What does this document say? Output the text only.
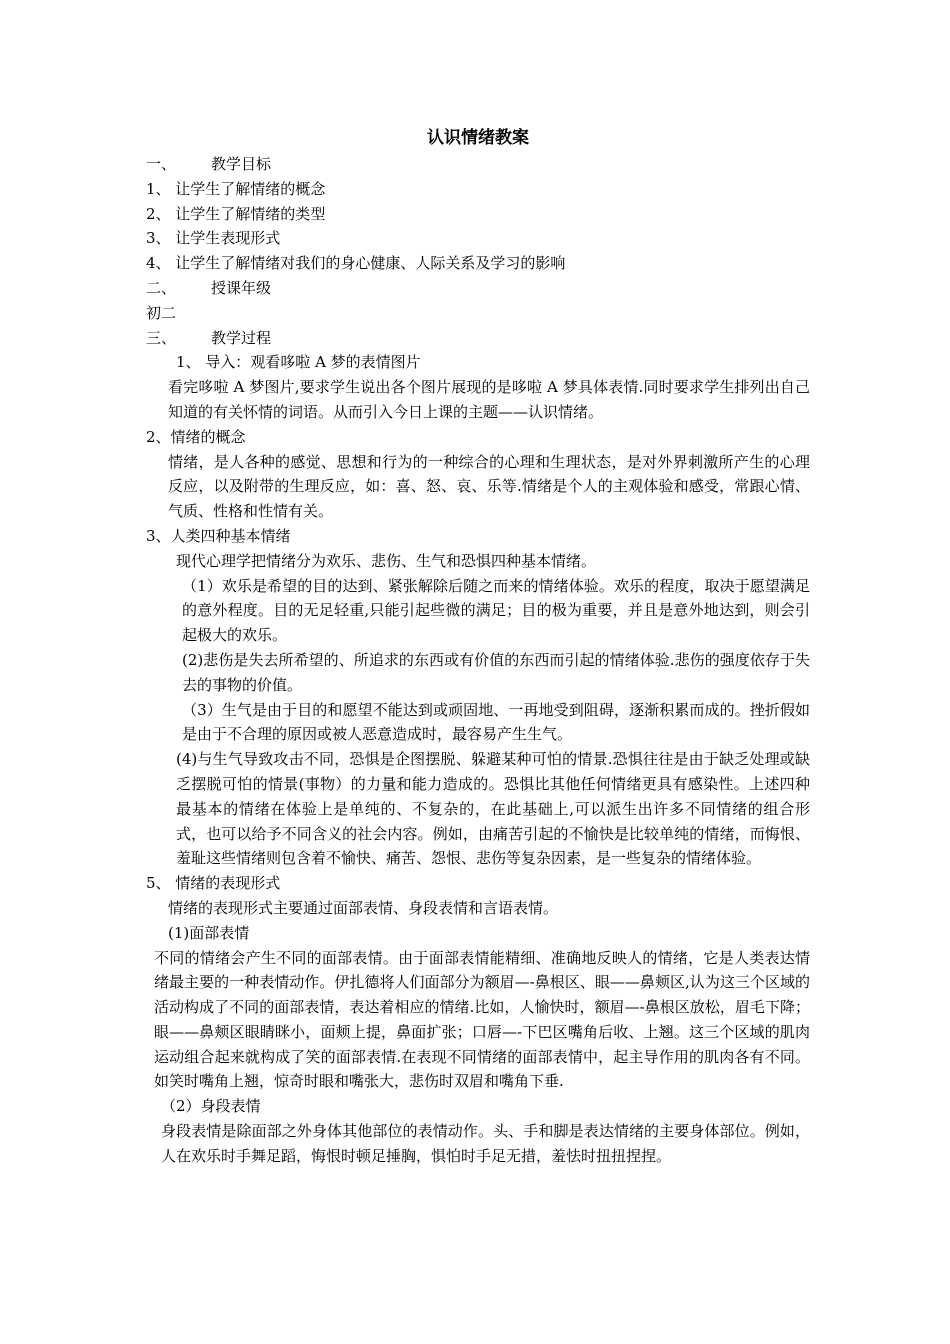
认识情绪教案

一、 教学目标

1、 让学生了解情绪的概念

2、 让学生了解情绪的类型

3、 让学生表现形式

4、 让学生了解情绪对我们的身心健康、人际关系及学习的影响

二、 授课年级

初二

三、 教学过程

1、 导入：观看哆啦 A 梦的表情图片

看完哆啦 A 梦图片,要求学生说出各个图片展现的是哆啦 A 梦具体表情.同时要求学生排列出自己知道的有关怀情的词语。从而引入今日上课的主题——认识情绪。

2、情绪的概念

情绪，是人各种的感觉、思想和行为的一种综合的心理和生理状态，是对外界刺激所产生的心理反应，以及附带的生理反应，如：喜、怒、哀、乐等.情绪是个人的主观体验和感受，常跟心情、气质、性格和性情有关。

3、人类四种基本情绪

现代心理学把情绪分为欢乐、悲伤、生气和恐惧四种基本情绪。

（1）欢乐是希望的目的达到、紧张解除后随之而来的情绪体验。欢乐的程度，取决于愿望满足的意外程度。目的无足轻重,只能引起些微的满足；目的极为重要，并且是意外地达到，则会引起极大的欢乐。

(2)悲伤是失去所希望的、所追求的东西或有价值的东西而引起的情绪体验.悲伤的强度依存于失去的事物的价值。

（3）生气是由于目的和愿望不能达到或顽固地、一再地受到阻碍，逐渐积累而成的。挫折假如是由于不合理的原因或被人恶意造成时，最容易产生生气。

(4)与生气导致攻击不同，恐惧是企图摆脱、躲避某种可怕的情景.恐惧往往是由于缺乏处理或缺乏摆脱可怕的情景(事物）的力量和能力造成的。恐惧比其他任何情绪更具有感染性。上述四种最基本的情绪在体验上是单纯的、不复杂的，在此基础上,可以派生出许多不同情绪的组合形式，也可以给予不同含义的社会内容。例如，由痛苦引起的不愉快是比较单纯的情绪，而悔恨、羞耻这些情绪则包含着不愉快、痛苦、怨恨、悲伤等复杂因素，是一些复杂的情绪体验。

5、 情绪的表现形式

情绪的表现形式主要通过面部表情、身段表情和言语表情。

(1)面部表情

不同的情绪会产生不同的面部表情。由于面部表情能精细、准确地反映人的情绪，它是人类表达情绪最主要的一种表情动作。伊扎德将人们面部分为额眉—-鼻根区、眼——鼻颊区,认为这三个区域的活动构成了不同的面部表情，表达着相应的情绪.比如，人愉快时，额眉—-鼻根区放松，眉毛下降；眼——鼻颊区眼睛眯小，面颊上提，鼻面扩张；口唇—-下巴区嘴角后收、上翘。这三个区域的肌肉运动组合起来就构成了笑的面部表情.在表现不同情绪的面部表情中，起主导作用的肌肉各有不同。如笑时嘴角上翘，惊奇时眼和嘴张大，悲伤时双眉和嘴角下垂.

（2）身段表情

身段表情是除面部之外身体其他部位的表情动作。头、手和脚是表达情绪的主要身体部位。例如，人在欢乐时手舞足蹈，悔恨时顿足捶胸，惧怕时手足无措，羞怯时扭扭捏捏。
